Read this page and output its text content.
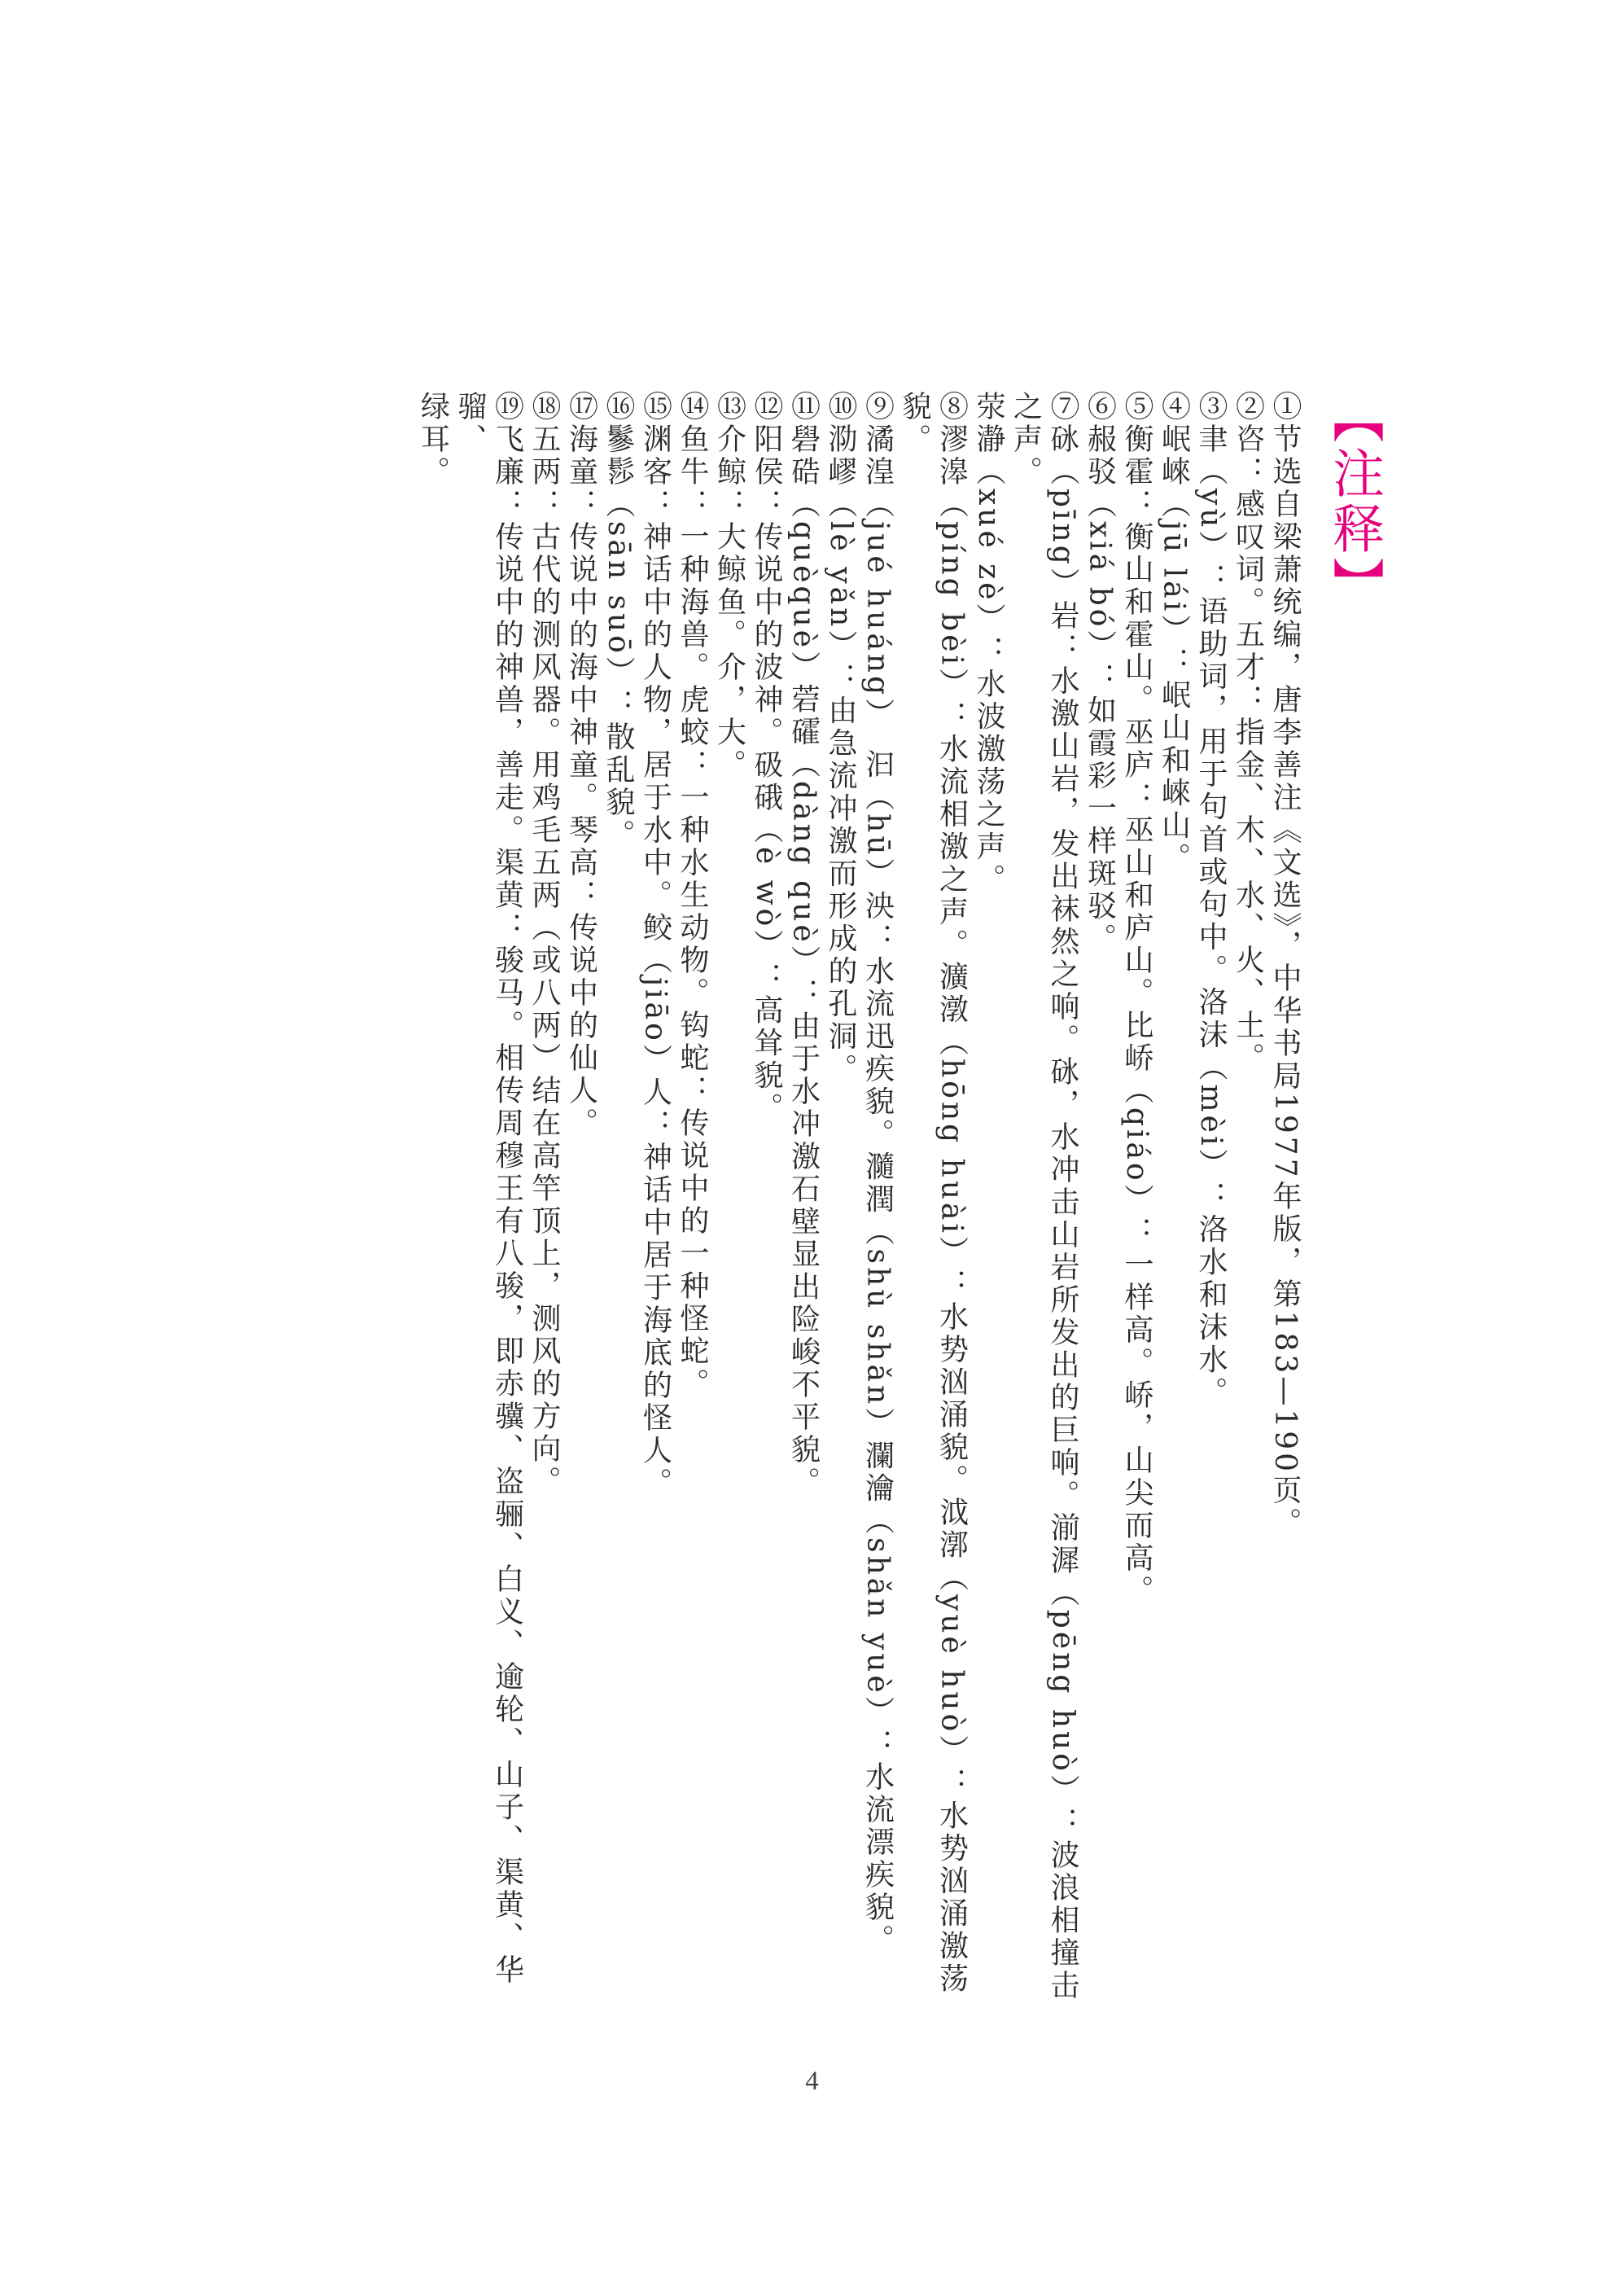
【注释】
①节选自梁萧统编，唐李善注《文选》，中华书局1977年版，第183—190页。
②咨：感叹词。五才：指金、木、水、火、土。
③聿（yù）：语助词，用于句首或句中。洛沫（mèi）：洛水和沫水。
④岷崍（jū lái）：岷山和崍山。
⑤衡霍：衡山和霍山。巫庐：巫山和庐山。比峤（qiáo）：一样高。峤，山尖而高。
⑥赧驳（xiá bó）：如霞彩一样斑驳。
⑦砯（pīng）岩：水激山岩，发出袜然之响。砯，水冲击山岩所发出的巨响。湔漽（pēng huò）：波浪相撞击之声。
荥瀞（xué zè）：水波激荡之声。
⑧漻滜（píng bèi）：水流相激之声。瀇潡（hōng huài）：水势汹涌貌。泧漷（yuè huò）：水势汹涌激荡貌。
⑨潏湟（jué huáng）　汩（hū）泱：水流迅疾貌。瀡潤（shù shǎn）瀾瀹（shǎn yuè）：水流漂疾貌。
⑩泐嵺（lè yǎn）：由急流冲激而形成的孔洞。
⑪礐硞（quèquè）菪礭（dàng què）：由于水冲激石壁显出险峻不平貌。
⑫阳侯：传说中的波神。砐硪（è wò）：高耸貌。
⑬介鲸：大鲸鱼。介，大。
⑭鱼牛：一种海兽。虎蛟：一种水生动物。钩蛇：传说中的一种怪蛇。
⑮渊客：神话中的人物，居于水中。鲛（jiāo）人：神话中居于海底的怪人。
⑯鬖髿（sān suō）：散乱貌。
⑰海童：传说中的海中神童。琴高：传说中的仙人。
⑱五两：古代的测风器。用鸡毛五两（或八两）结在高竿顶上，测风的方向。
⑲飞廉：传说中的神兽，善走。渠黄：骏马。相传周穆王有八骏，即赤骥、盗骊、白义、逾轮、山子、渠黄、华骝、
绿耳。
4
